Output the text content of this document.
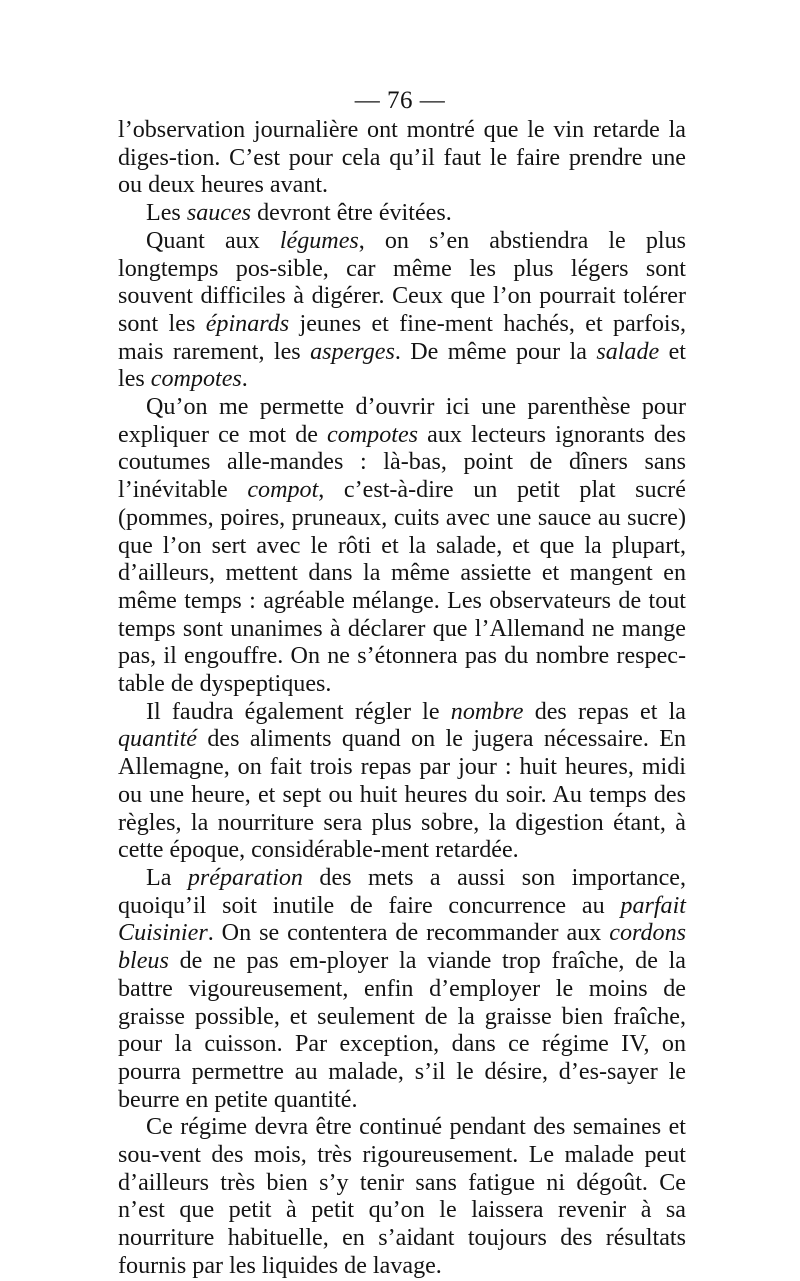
— 76 —

l’observation journalière ont montré que le vin retarde la diges-tion. C’est pour cela qu’il faut le faire prendre une ou deux heures avant.

Les sauces devront être évitées.

Quant aux légumes, on s’en abstiendra le plus longtemps pos-sible, car même les plus légers sont souvent difficiles à digérer. Ceux que l’on pourrait tolérer sont les épinards jeunes et fine-ment hachés, et parfois, mais rarement, les asperges. De même pour la salade et les compotes.

Qu’on me permette d’ouvrir ici une parenthèse pour expliquer ce mot de compotes aux lecteurs ignorants des coutumes alle-mandes : là-bas, point de dîners sans l’inévitable compot, c’est-à-dire un petit plat sucré (pommes, poires, pruneaux, cuits avec une sauce au sucre) que l’on sert avec le rôti et la salade, et que la plupart, d’ailleurs, mettent dans la même assiette et mangent en même temps : agréable mélange. Les observateurs de tout temps sont unanimes à déclarer que l’Allemand ne mange pas, il engouffre. On ne s’étonnera pas du nombre respec-table de dyspeptiques.

Il faudra également régler le nombre des repas et la quantité des aliments quand on le jugera nécessaire. En Allemagne, on fait trois repas par jour : huit heures, midi ou une heure, et sept ou huit heures du soir. Au temps des règles, la nourriture sera plus sobre, la digestion étant, à cette époque, considérable-ment retardée.

La préparation des mets a aussi son importance, quoiqu’il soit inutile de faire concurrence au parfait Cuisinier. On se contentera de recommander aux cordons bleus de ne pas em-ployer la viande trop fraîche, de la battre vigoureusement, enfin d’employer le moins de graisse possible, et seulement de la graisse bien fraîche, pour la cuisson. Par exception, dans ce régime IV, on pourra permettre au malade, s’il le désire, d’es-sayer le beurre en petite quantité.

Ce régime devra être continué pendant des semaines et sou-vent des mois, très rigoureusement. Le malade peut d’ailleurs très bien s’y tenir sans fatigue ni dégoût. Ce n’est que petit à petit qu’on le laissera revenir à sa nourriture habituelle, en s’aidant toujours des résultats fournis par les liquides de lavage.
